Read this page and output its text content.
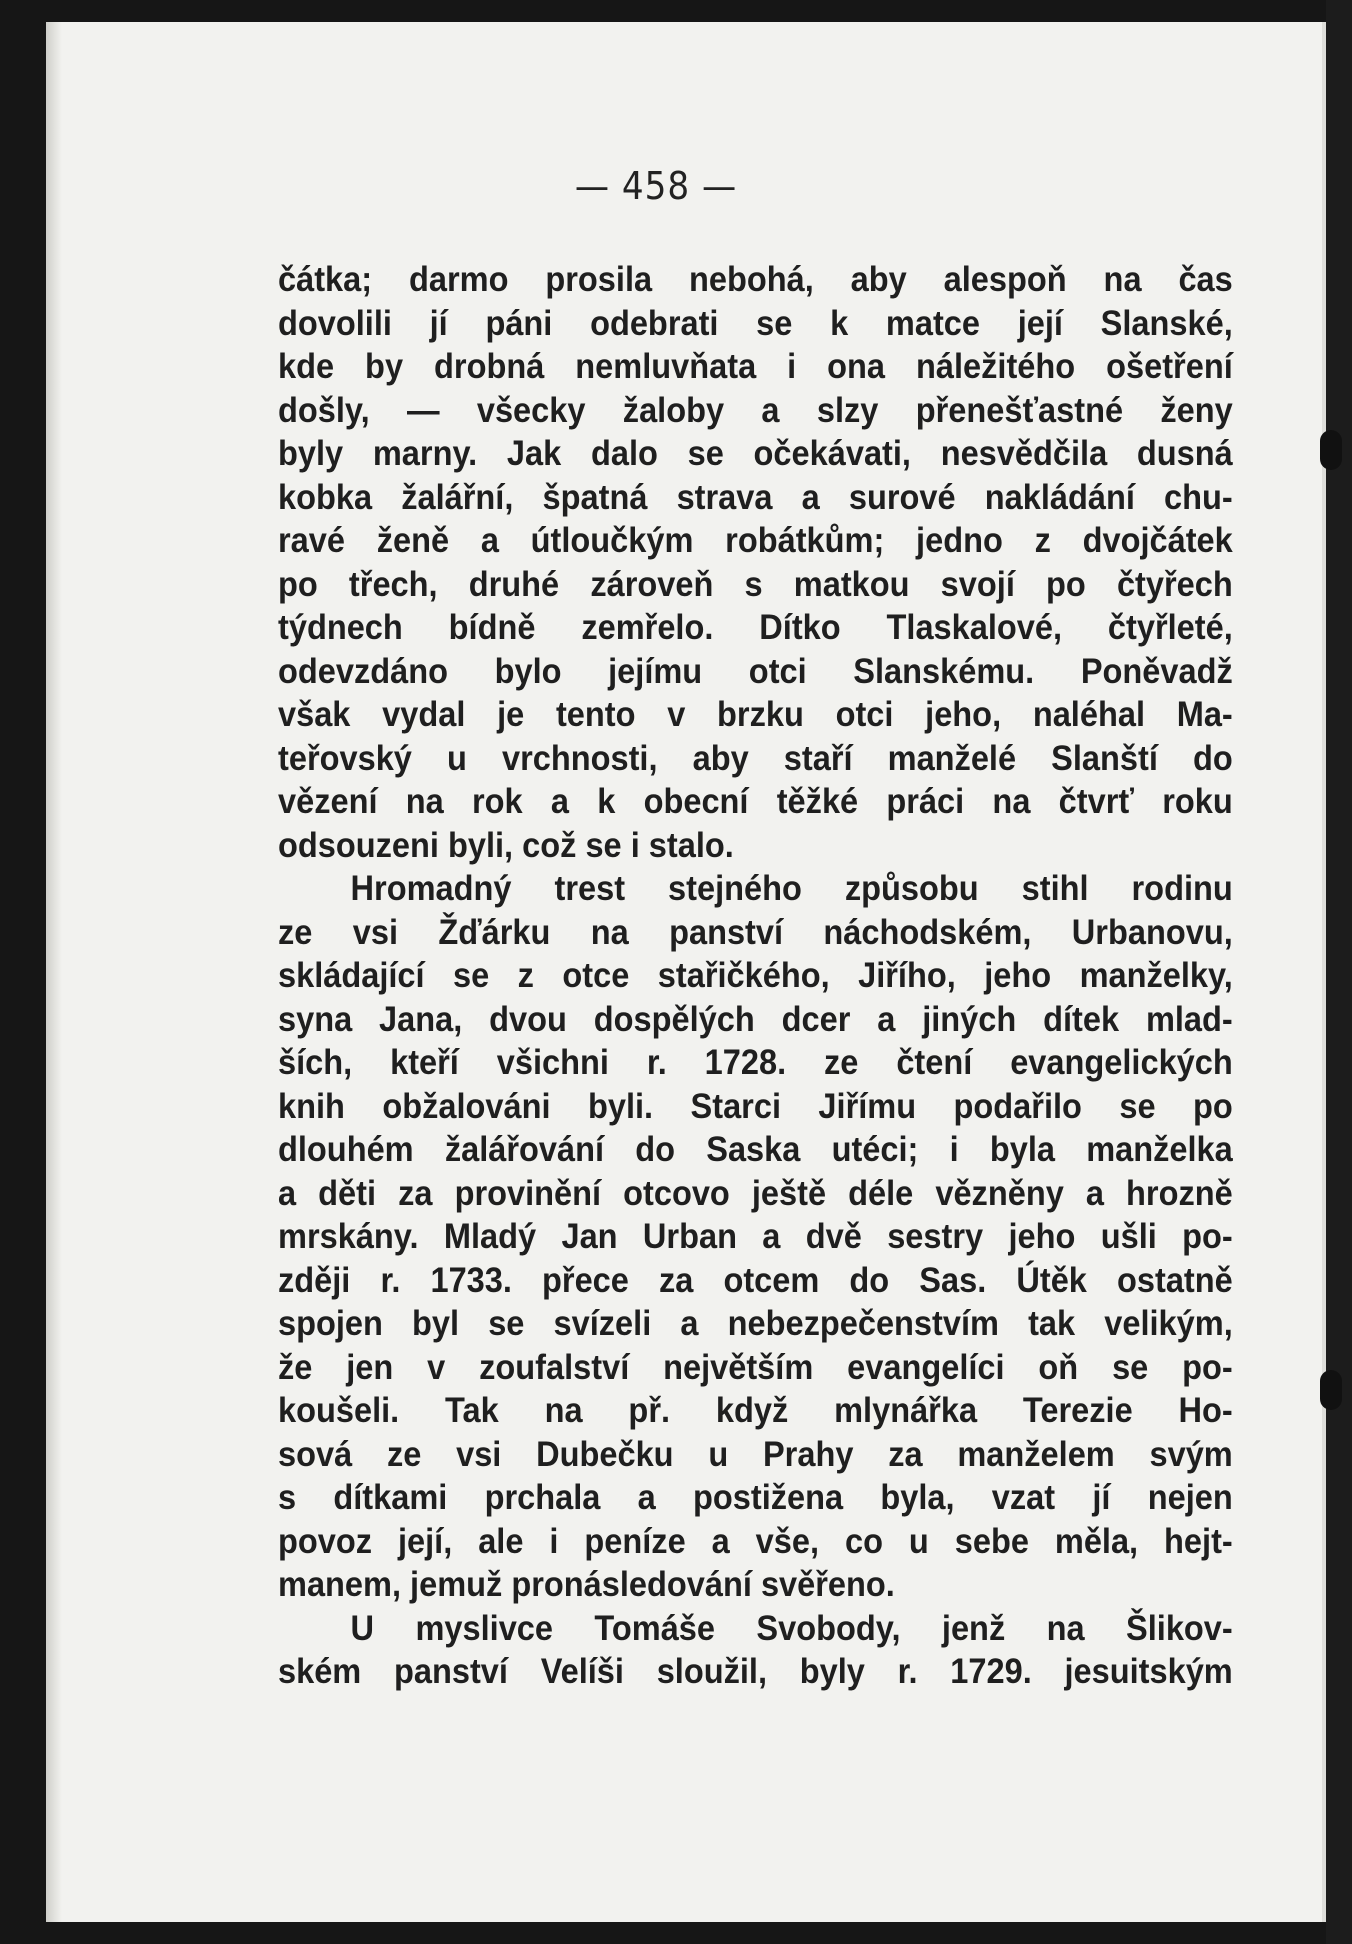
— 458 —
čátka; darmo prosila nebohá, aby alespoň na čas
dovolili jí páni odebrati se k matce její Slanské,
kde by drobná nemluvňata i ona náležitého ošetření
došly, — všecky žaloby a slzy přenešťastné ženy
byly marny. Jak dalo se očekávati, nesvědčila dusná
kobka žalářní, špatná strava a surové nakládání chu-
ravé ženě a útloučkým robátkům; jedno z dvojčátek
po třech, druhé zároveň s matkou svojí po čtyřech
týdnech bídně zemřelo. Dítko Tlaskalové, čtyřleté,
odevzdáno bylo jejímu otci Slanskému. Poněvadž
však vydal je tento v brzku otci jeho, naléhal Ma-
teřovský u vrchnosti, aby staří manželé Slanští do
vězení na rok a k obecní těžké práci na čtvrť roku
odsouzeni byli, což se i stalo.
Hromadný trest stejného způsobu stihl rodinu
ze vsi Žďárku na panství náchodském, Urbanovu,
skládající se z otce stařičkého, Jiřího, jeho manželky,
syna Jana, dvou dospělých dcer a jiných dítek mlad-
ších, kteří všichni r. 1728. ze čtení evangelických
knih obžalováni byli. Starci Jiřímu podařilo se po
dlouhém žalářování do Saska utéci; i byla manželka
a děti za provinění otcovo ještě déle vězněny a hrozně
mrskány. Mladý Jan Urban a dvě sestry jeho ušli po-
zději r. 1733. přece za otcem do Sas. Útěk ostatně
spojen byl se svízeli a nebezpečenstvím tak velikým,
že jen v zoufalství největším evangelíci oň se po-
koušeli. Tak na př. když mlynářka Terezie Ho-
sová ze vsi Dubečku u Prahy za manželem svým
s dítkami prchala a postižena byla, vzat jí nejen
povoz její, ale i peníze a vše, co u sebe měla, hejt-
manem, jemuž pronásledování svěřeno.
U myslivce Tomáše Svobody, jenž na Šlikov-
ském panství Velíši sloužil, byly r. 1729. jesuitským
